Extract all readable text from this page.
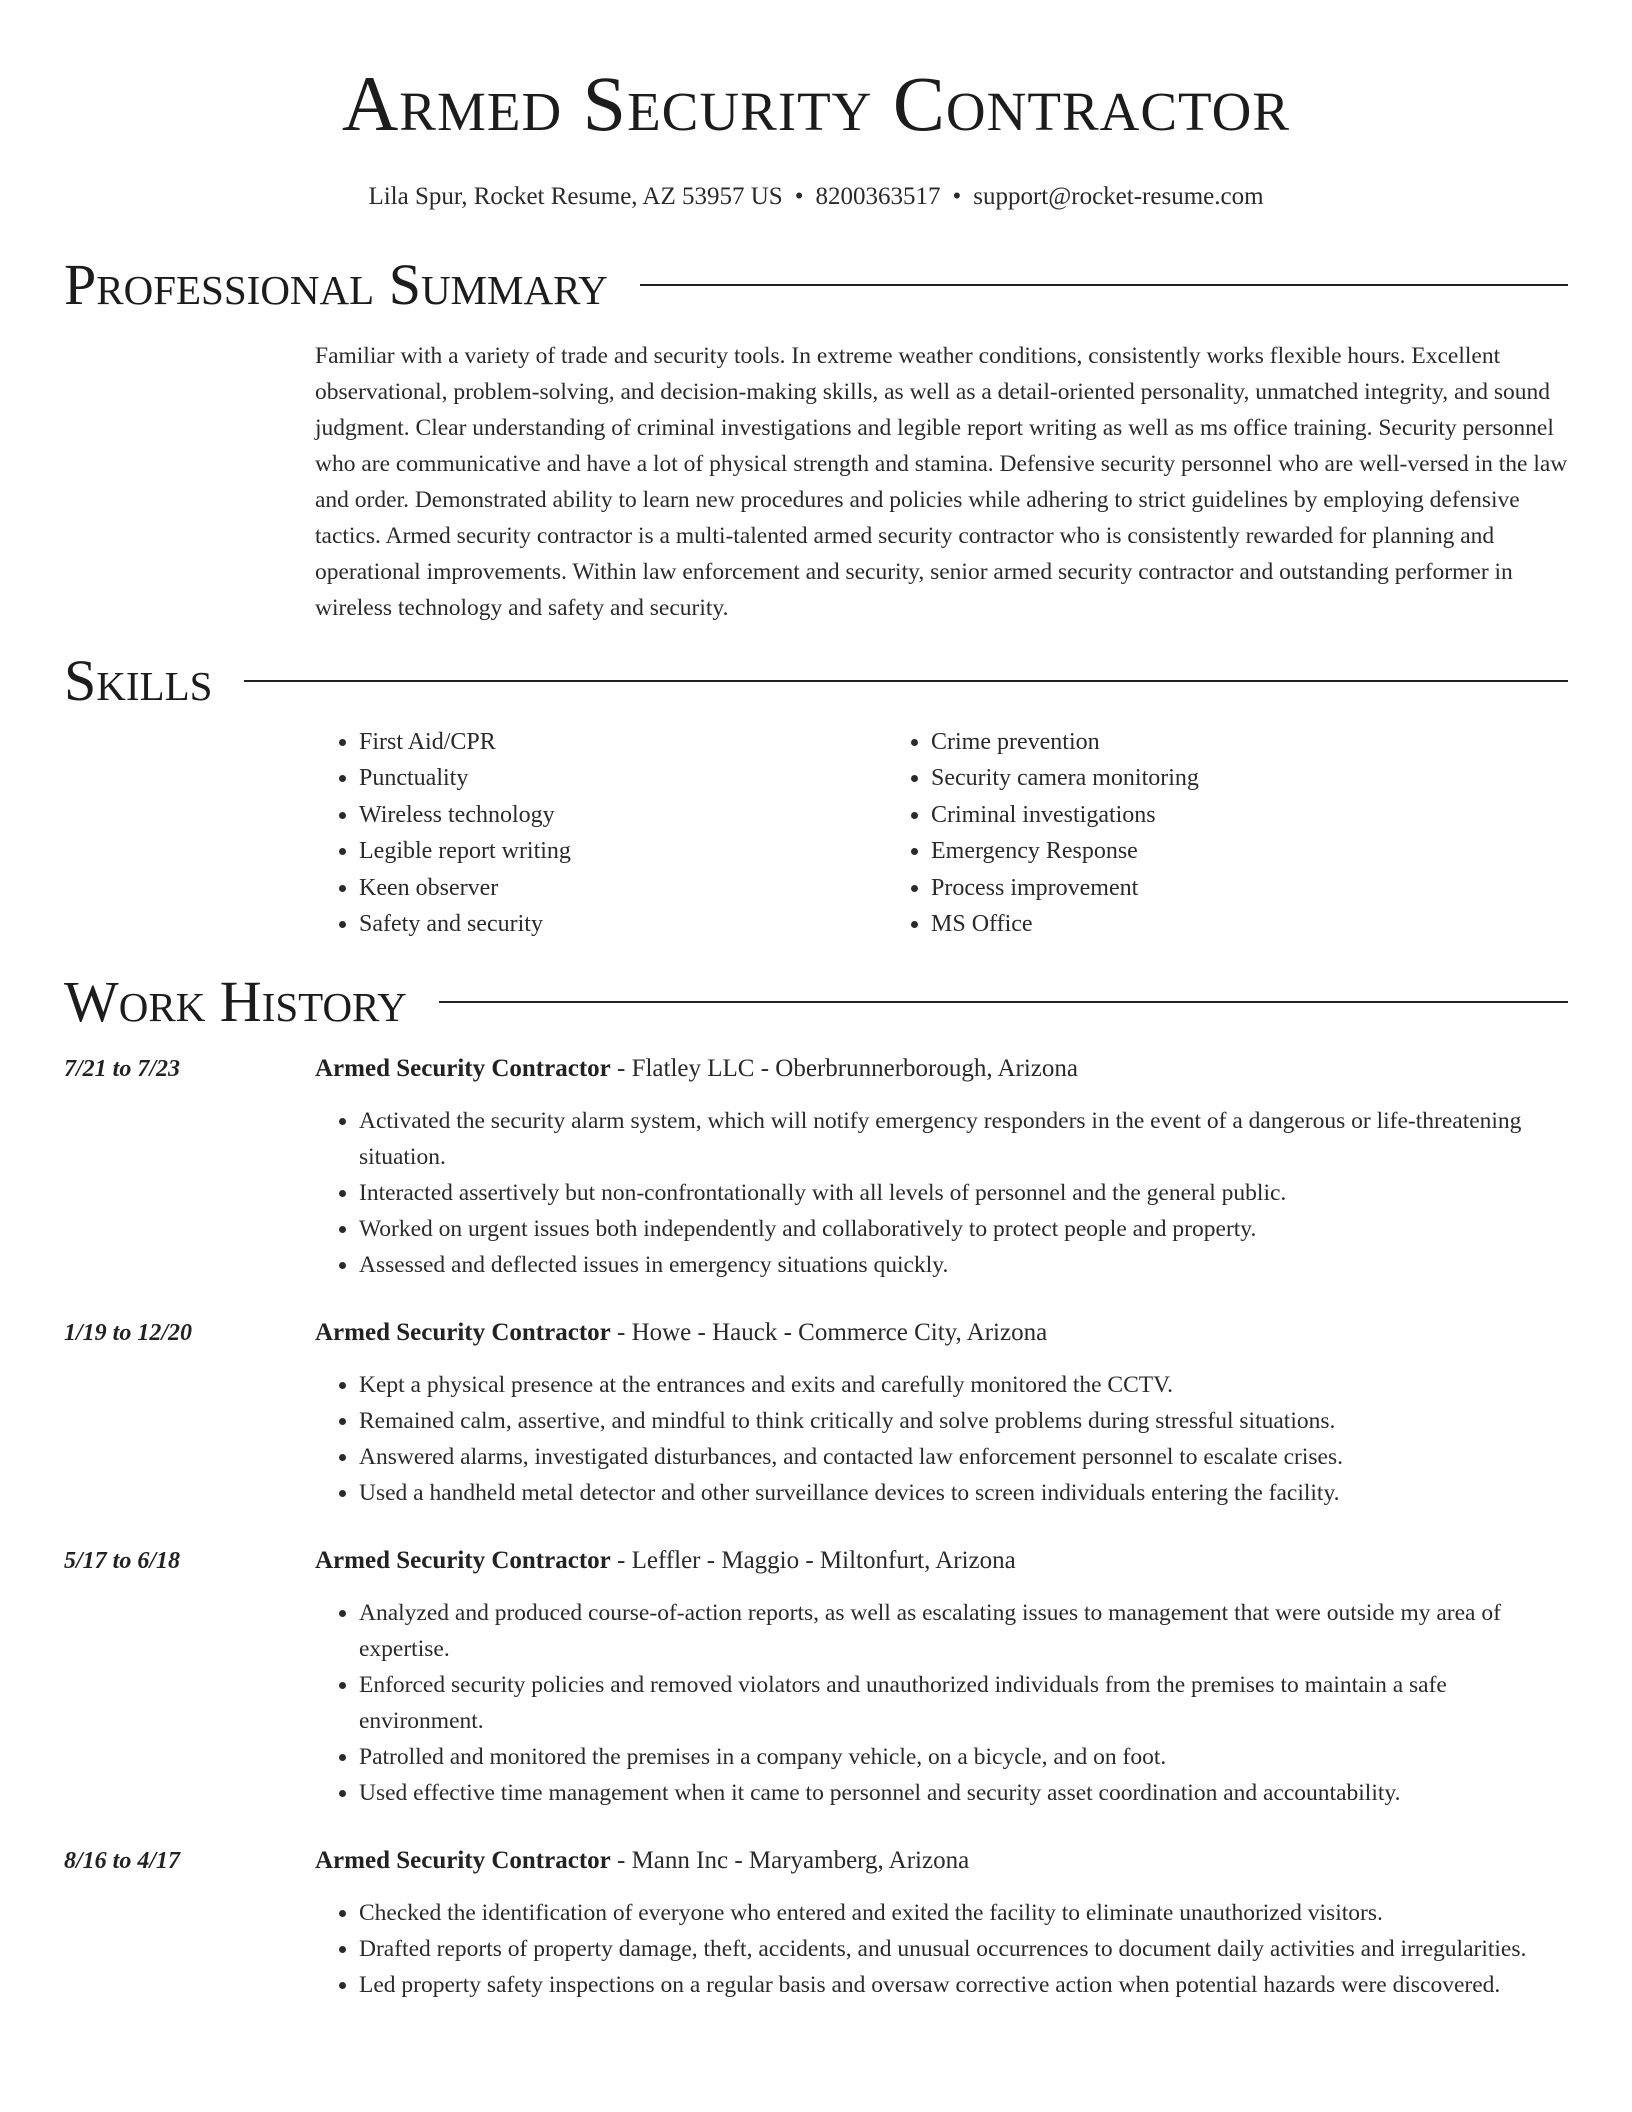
Armed Security Contractor
Lila Spur, Rocket Resume, AZ 53957 US • 8200363517 • support@rocket-resume.com
Professional Summary

Familiar with a variety of trade and security tools. In extreme weather conditions, consistently works flexible hours. Excellent observational, problem-solving, and decision-making skills, as well as a detail-oriented personality, unmatched integrity, and sound judgment. Clear understanding of criminal investigations and legible report writing as well as ms office training. Security personnel who are communicative and have a lot of physical strength and stamina. Defensive security personnel who are well-versed in the law and order. Demonstrated ability to learn new procedures and policies while adhering to strict guidelines by employing defensive tactics. Armed security contractor is a multi-talented armed security contractor who is consistently rewarded for planning and operational improvements. Within law enforcement and security, senior armed security contractor and outstanding performer in wireless technology and safety and security.

Skills
• First Aid/CPR
• Punctuality
• Wireless technology
• Legible report writing
• Keen observer
• Safety and security
• Crime prevention
• Security camera monitoring
• Criminal investigations
• Emergency Response
• Process improvement
• MS Office
Work History
7/21 to 7/23	Armed Security Contractor - Flatley LLC - Oberbrunnerborough, Arizona
• Activated the security alarm system, which will notify emergency responders in the event of a dangerous or life-threatening situation.
• Interacted assertively but non-confrontationally with all levels of personnel and the general public.
• Worked on urgent issues both independently and collaboratively to protect people and property.
• Assessed and deflected issues in emergency situations quickly.
1/19 to 12/20	Armed Security Contractor - Howe - Hauck - Commerce City, Arizona
• Kept a physical presence at the entrances and exits and carefully monitored the CCTV.
• Remained calm, assertive, and mindful to think critically and solve problems during stressful situations.
• Answered alarms, investigated disturbances, and contacted law enforcement personnel to escalate crises.
• Used a handheld metal detector and other surveillance devices to screen individuals entering the facility.
5/17 to 6/18	Armed Security Contractor - Leffler - Maggio - Miltonfurt, Arizona
• Analyzed and produced course-of-action reports, as well as escalating issues to management that were outside my area of expertise.
• Enforced security policies and removed violators and unauthorized individuals from the premises to maintain a safe environment.
• Patrolled and monitored the premises in a company vehicle, on a bicycle, and on foot.
• Used effective time management when it came to personnel and security asset coordination and accountability.
8/16 to 4/17	Armed Security Contractor - Mann Inc - Maryamberg, Arizona
• Checked the identification of everyone who entered and exited the facility to eliminate unauthorized visitors.
• Drafted reports of property damage, theft, accidents, and unusual occurrences to document daily activities and irregularities.
• Led property safety inspections on a regular basis and oversaw corrective action when potential hazards were discovered.
